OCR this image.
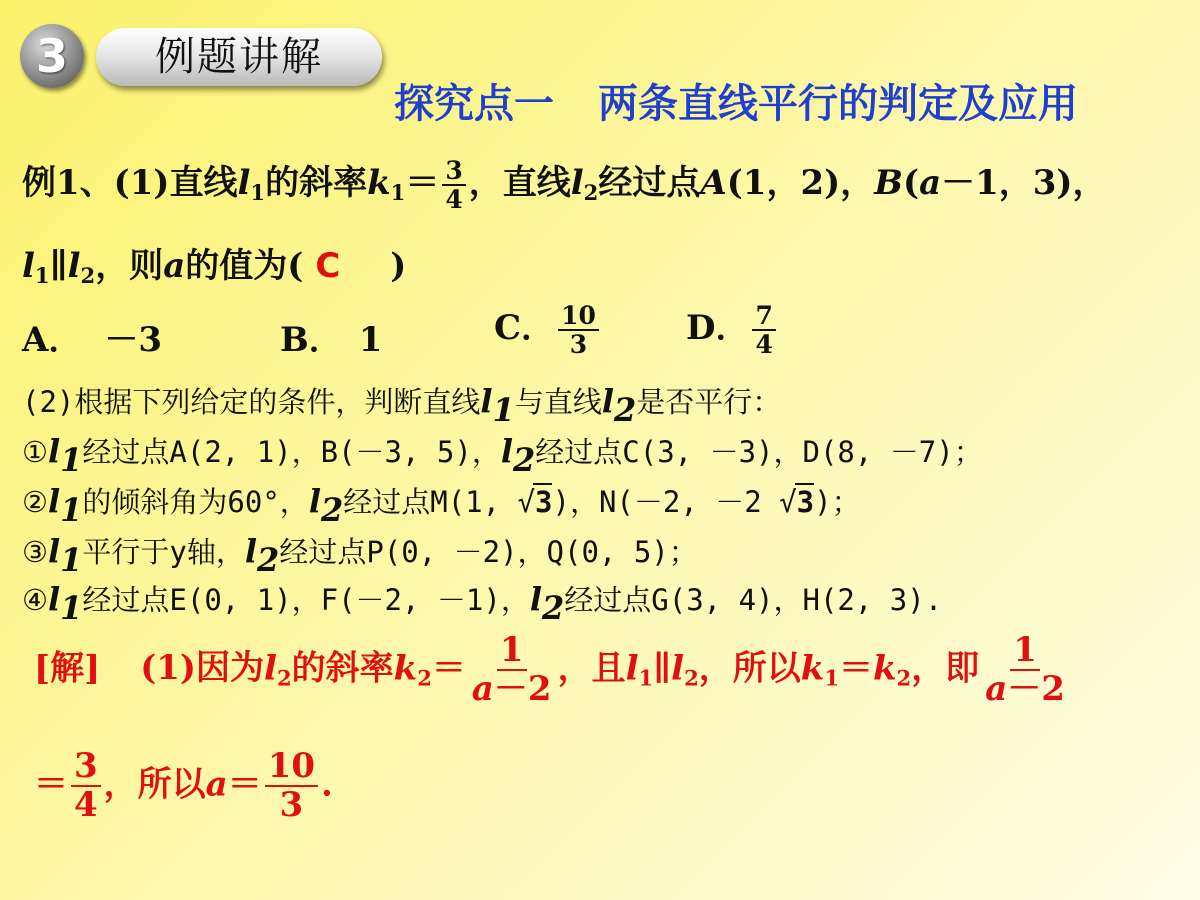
3	例题讲解
探究点一 两条直线平行的判定及应用
例1、(1)直线$l_1$的斜率$k_1= \frac{3}{4}$ ，直线$l_2$经过点A(1，2)，B(a－1，3)，
$l_1\parallel l_2$，则a的值为( C )
A． －3	B． 1	C． $\frac{10}{3}$	D． $\frac{7}{4}$
(2)根据下列给定的条件，判断直线l1与直线l2是否平行：
①l1经过点A(2, 1)，B(－3, 5)，l2经过点C(3, －3)，D(8, －7)；
②l1的倾斜角为60°，l2经过点M(1, √3)，N(－2, －2 √3)；
③l1平行于y轴，l2经过点P(0, －2)，Q(0, 5)；
④l1经过点E(0, 1)，F(－2, －1)，l2经过点G(3, 4)，H(2, 3).
[解] (1)因为$l_2$的斜率$k_2= \frac{1}{a-2}$ ，且$l_1\parallel l_2$，所以$k_1=k_2$，即 $\frac{1}{a-2}$
＝ $\frac{3}{4}$ ，所以$a= \frac{10}{3}$ .
